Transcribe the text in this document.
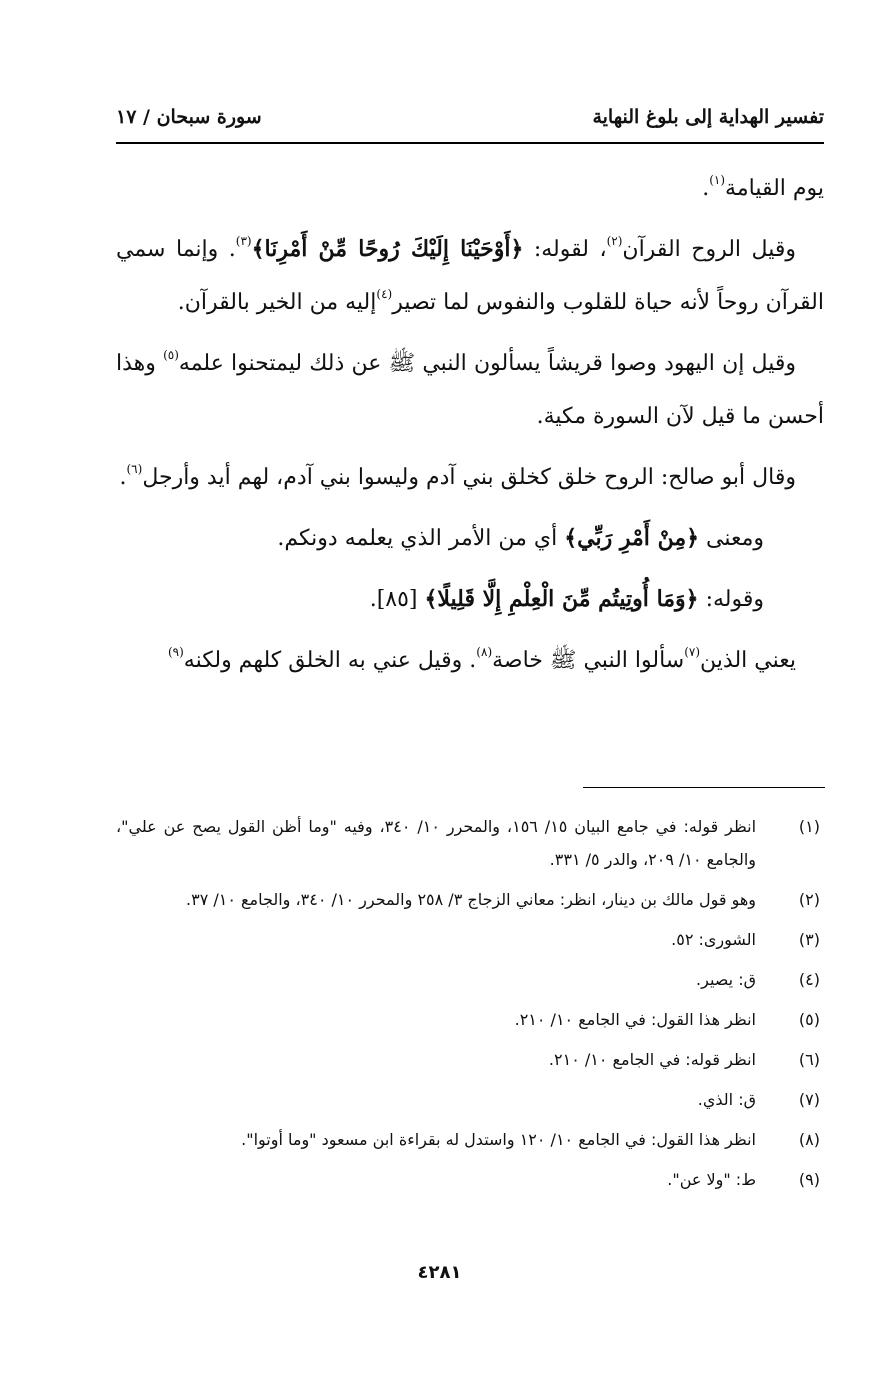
تفسير الهداية إلى بلوغ النهاية
سورة سبحان / ١٧

يوم القيامة$^{(١)}$.

وقيل الروح القرآن$^{(٢)}$، لقوله: ﴿أَوْحَيْنَا إِلَيْكَ رُوحًا مِّنْ أَمْرِنَا﴾$^{(٣)}$. وإنما سمي القرآن روحاً لأنه حياة للقلوب والنفوس لما تصير$^{(٤)}$إليه من الخير بالقرآن.

وقيل إن اليهود وصوا قريشاً يسألون النبي ﷺ عن ذلك ليمتحنوا علمه$^{(٥)}$ وهذا أحسن ما قيل لآن السورة مكية.

وقال أبو صالح: الروح خلق كخلق بني آدم وليسوا بني آدم، لهم أيد وأرجل$^{(٦)}$.

ومعنى ﴿مِنْ أَمْرِ رَبِّي﴾ أي من الأمر الذي يعلمه دونكم.

وقوله: ﴿وَمَا أُوتِيتُم مِّنَ الْعِلْمِ إِلَّا قَلِيلًا﴾ [٨٥].

يعني الذين$^{(٧)}$سألوا النبي ﷺ خاصة$^{(٨)}$. وقيل عني به الخلق كلهم ولكنه$^{(٩)}$

(١)
انظر قوله: في جامع البيان ١٥/ ١٥٦، والمحرر ١٠/ ٣٤٠، وفيه "وما أظن القول يصح عن علي"، والجامع ١٠/ ٢٠٩، والدر ٥/ ٣٣١.
(٢)
وهو قول مالك بن دينار، انظر: معاني الزجاج ٣/ ٢٥٨ والمحرر ١٠/ ٣٤٠، والجامع ١٠/ ٣٧.
(٣)
الشورى: ٥٢.
(٤)
ق: يصير.
(٥)
انظر هذا القول: في الجامع ١٠/ ٢١٠.
(٦)
انظر قوله: في الجامع ١٠/ ٢١٠.
(٧)
ق: الذي.
(٨)
انظر هذا القول: في الجامع ١٠/ ١٢٠ واستدل له بقراءة ابن مسعود "وما أوتوا".
(٩)
ط: "ولا عن".
٤٢٨١
